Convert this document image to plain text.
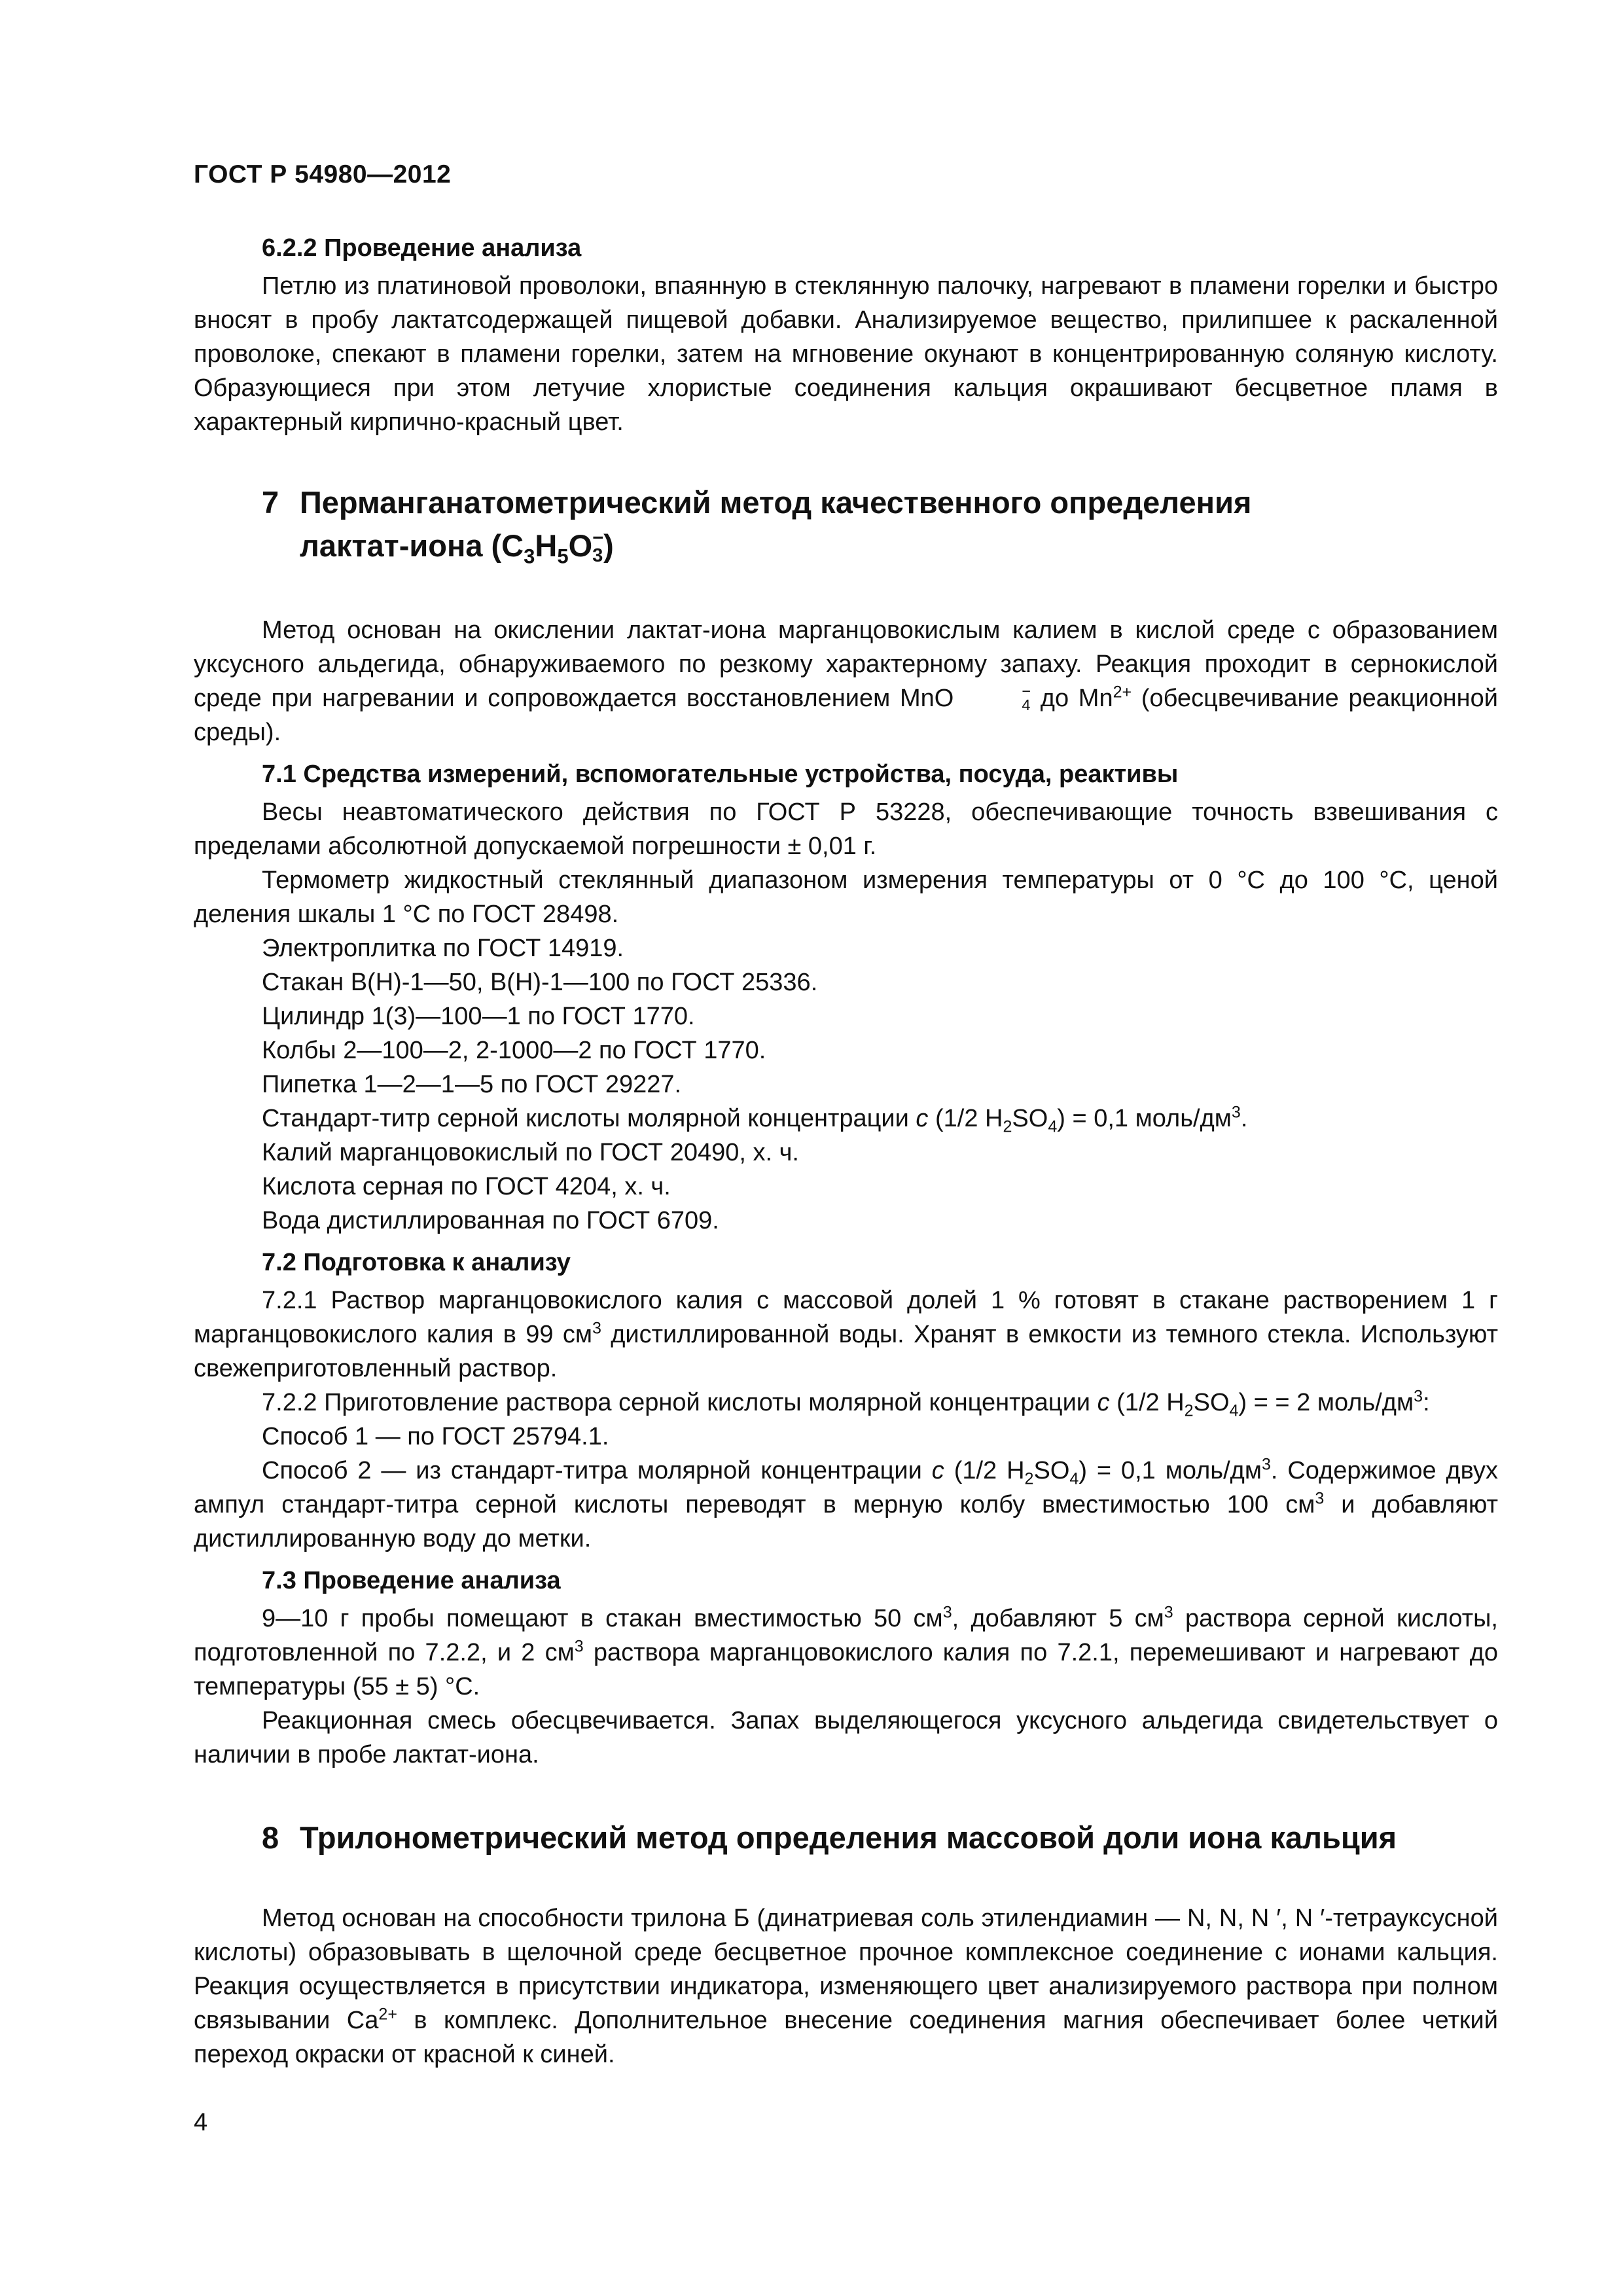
ГОСТ Р 54980—2012
6.2.2 Проведение анализа

Петлю из платиновой проволоки, впаянную в стеклянную палочку, нагревают в пламени горелки и быстро вносят в пробу лактатсодержащей пищевой добавки. Анализируемое вещество, прилипшее к раскаленной проволоке, спекают в пламени горелки, затем на мгновение окунают в концентрированную соляную кислоту. Образующиеся при этом летучие хлористые соединения кальция окрашивают бесцветное пламя в характерный кирпично-красный цвет.

7 Перманганатометрический метод качественного определения
лактат-иона ($C_3H_5O$ −
3 )

Метод основан на окислении лактат-иона марганцовокислым калием в кислой среде с образованием уксусного альдегида, обнаруживаемого по резкому характерному запаху. Реакция проходит в сернокислой среде при нагревании и сопровождается восстановлением MnO	−
4 до $Mn^{2+}$ (обесцвечивание реакционной среды).

7.1 Средства измерений, вспомогательные устройства, посуда, реактивы

Весы неавтоматического действия по ГОСТ Р 53228, обеспечивающие точность взвешивания с пределами абсолютной допускаемой погрешности ± 0,01 г.

Термометр жидкостный стеклянный диапазоном измерения температуры от 0 °С до 100 °С, ценой деления шкалы 1 °С по ГОСТ 28498.

Электроплитка по ГОСТ 14919.

Стакан В(Н)-1—50, В(Н)-1—100 по ГОСТ 25336.

Цилиндр 1(3)—100—1 по ГОСТ 1770.

Колбы 2—100—2, 2-1000—2 по ГОСТ 1770.

Пипетка 1—2—1—5 по ГОСТ 29227.

Стандарт-титр серной кислоты молярной концентрации c (1/2 $H_2SO_4) = 0,1$ моль/$дм^3$.

Калий марганцовокислый по ГОСТ 20490, х. ч.

Кислота серная по ГОСТ 4204, х. ч.

Вода дистиллированная по ГОСТ 6709.

7.2 Подготовка к анализу

7.2.1 Раствор марганцовокислого калия с массовой долей 1 % готовят в стакане растворением 1 г марганцовокислого калия в 99 $см^3$ дистиллированной воды. Хранят в емкости из темного стекла. Используют свежеприготовленный раствор.

7.2.2 Приготовление раствора серной кислоты молярной концентрации c (1/2 $H_2SO_4$) = = 2 моль/$дм^3$:

Способ 1 — по ГОСТ 25794.1.

Способ 2 — из стандарт-титра молярной концентрации c (1/2 $H_2SO_4) = 0,1$ моль/$дм^3$. Содержимое двух ампул стандарт-титра серной кислоты переводят в мерную колбу вместимостью 100 $см^3$ и добавляют дистиллированную воду до метки.

7.3 Проведение анализа

9—10 г пробы помещают в стакан вместимостью 50 $см^3$, добавляют 5 $см^3$ раствора серной кислоты, подготовленной по 7.2.2, и 2 $см^3$ раствора марганцовокислого калия по 7.2.1, перемешивают и нагревают до температуры (55 ± 5) °С.

Реакционная смесь обесцвечивается. Запах выделяющегося уксусного альдегида свидетельствует о наличии в пробе лактат-иона.

8 Трилонометрический метод определения массовой доли иона кальция

Метод основан на способности трилона Б (динатриевая соль этилендиамин — N, N, N ′, N ′-тетрауксусной кислоты) образовывать в щелочной среде бесцветное прочное комплексное соединение с ионами кальция. Реакция осуществляется в присутствии индикатора, изменяющего цвет анализируемого раствора при полном связывании $Ca^{2+}$ в комплекс. Дополнительное внесение соединения магния обеспечивает более четкий переход окраски от красной к синей.

4
